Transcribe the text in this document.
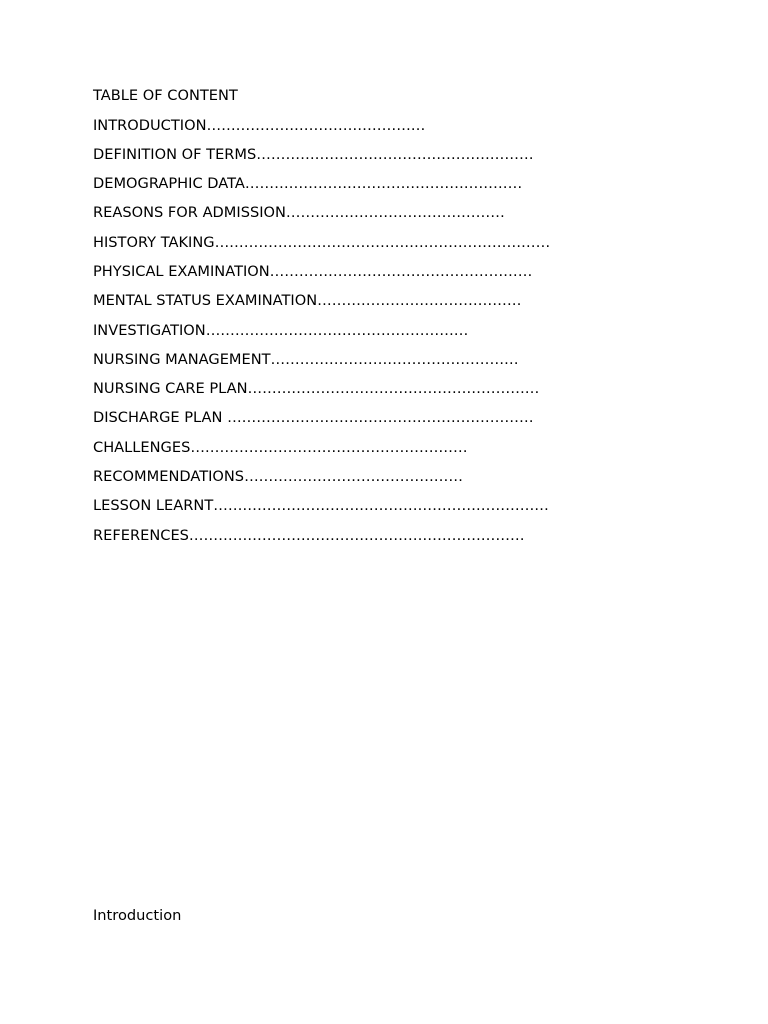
TABLE OF CONTENT

INTRODUCTION………………………………………
DEFINITION OF TERMS…………………………………………………
DEMOGRAPHIC DATA…………………………………………………
REASONS FOR ADMISSION………………………………………
HISTORY TAKING……………………………………………………………
PHYSICAL EXAMINATION………………………………………………
MENTAL STATUS EXAMINATION……………………………………
INVESTIGATION………………………………………………
NURSING MANAGEMENT……………………………………………
NURSING CARE PLAN……………………………………………………
DISCHARGE PLAN ………………………………………………………
CHALLENGES…………………………………………………
RECOMMENDATIONS………………………………………
LESSON LEARNT……………………………………………………………
REFERENCES……………………………………………………………
Introduction
